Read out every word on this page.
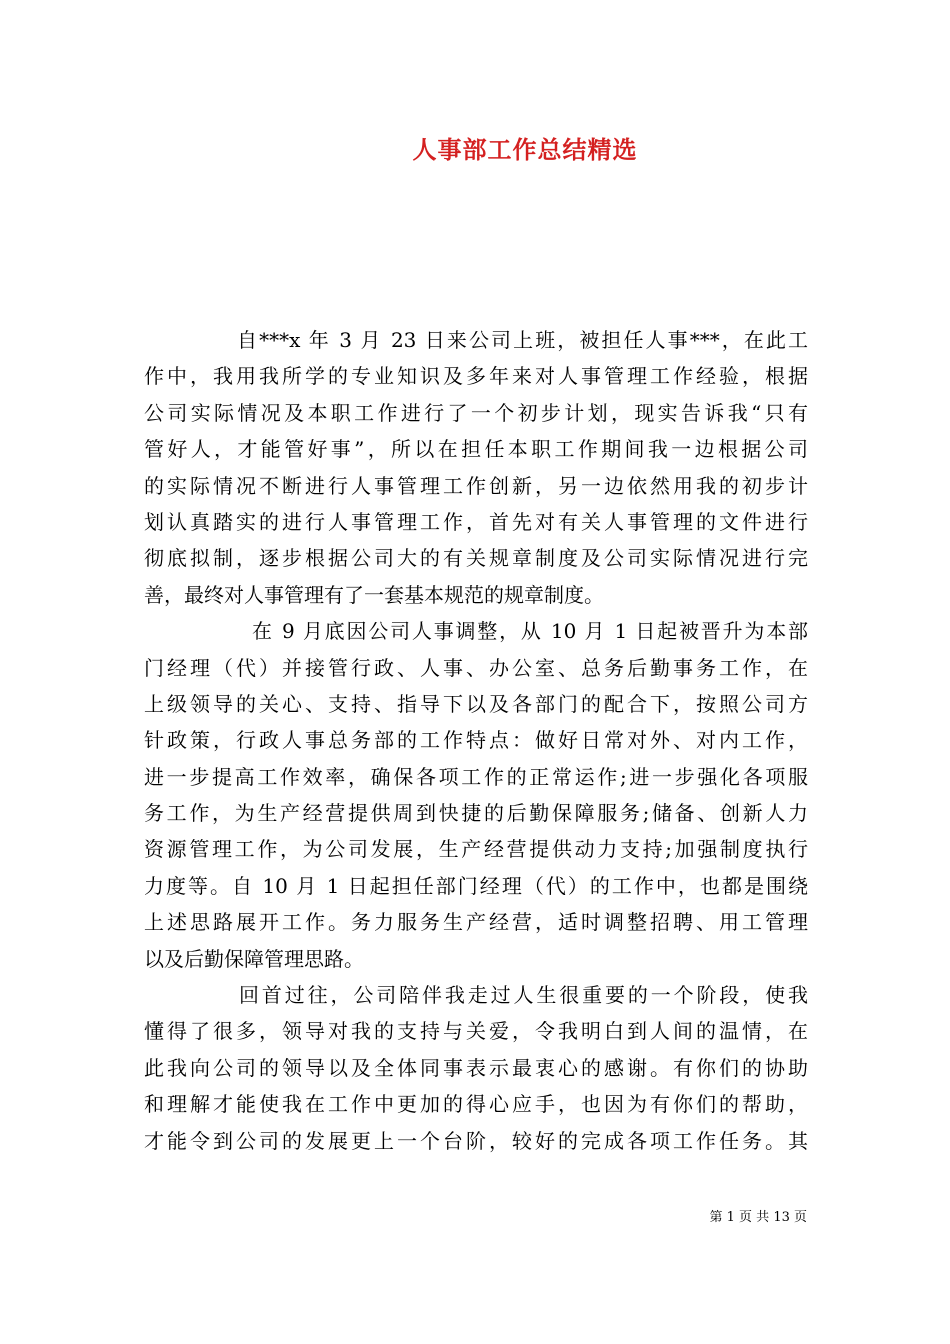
人事部工作总结精选
自***x 年 3 月 23 日来公司上班，被担任人事***，在此工
作中，我用我所学的专业知识及多年来对人事管理工作经验，根据
公司实际情况及本职工作进行了一个初步计划，现实告诉我“只有
管好人，才能管好事”，所以在担任本职工作期间我一边根据公司
的实际情况不断进行人事管理工作创新，另一边依然用我的初步计
划认真踏实的进行人事管理工作，首先对有关人事管理的文件进行
彻底拟制，逐步根据公司大的有关规章制度及公司实际情况进行完
善，最终对人事管理有了一套基本规范的规章制度。
在 9 月底因公司人事调整，从 10 月 1 日起被晋升为本部
门经理（代）并接管行政、人事、办公室、总务后勤事务工作，在
上级领导的关心、支持、指导下以及各部门的配合下，按照公司方
针政策，行政人事总务部的工作特点：做好日常对外、对内工作，
进一步提高工作效率，确保各项工作的正常运作;进一步强化各项服
务工作，为生产经营提供周到快捷的后勤保障服务;储备、创新人力
资源管理工作，为公司发展，生产经营提供动力支持;加强制度执行
力度等。自 10 月 1 日起担任部门经理（代）的工作中，也都是围绕
上述思路展开工作。务力服务生产经营，适时调整招聘、用工管理
以及后勤保障管理思路。
回首过往，公司陪伴我走过人生很重要的一个阶段，使我
懂得了很多，领导对我的支持与关爱，令我明白到人间的温情，在
此我向公司的领导以及全体同事表示最衷心的感谢。有你们的协助
和理解才能使我在工作中更加的得心应手，也因为有你们的帮助，
才能令到公司的发展更上一个台阶，较好的完成各项工作任务。其
第 1 页 共 13 页
